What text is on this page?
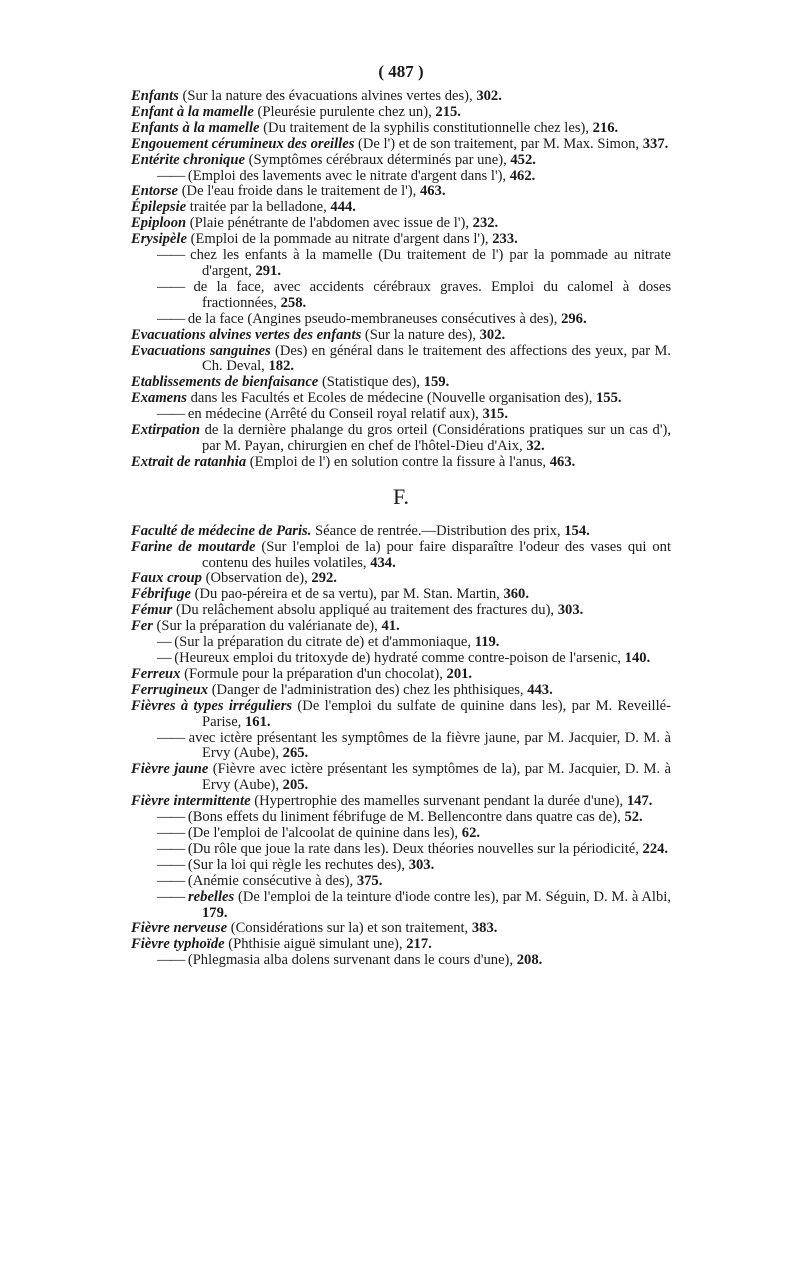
( 487 )

Enfants (Sur la nature des évacuations alvines vertes des), 302.

Enfant à la mamelle (Pleurésie purulente chez un), 215.

Enfants à la mamelle (Du traitement de la syphilis constitutionnelle chez les), 216.

Engouement cérumineux des oreilles (De l') et de son traitement, par M. Max. Simon, 337.

Entérite chronique (Symptômes cérébraux déterminés par une), 452.

—— (Emploi des lavements avec le nitrate d'argent dans l'), 462.

Entorse (De l'eau froide dans le traitement de l'), 463.

Épilepsie traitée par la belladone, 444.

Epiploon (Plaie pénétrante de l'abdomen avec issue de l'), 232.

Erysipèle (Emploi de la pommade au nitrate d'argent dans l'), 233.

—— chez les enfants à la mamelle (Du traitement de l') par la pommade au nitrate d'argent, 291.

—— de la face, avec accidents cérébraux graves. Emploi du calomel à doses fractionnées, 258.

—— de la face (Angines pseudo-membraneuses consécutives à des), 296.

Evacuations alvines vertes des enfants (Sur la nature des), 302.

Evacuations sanguines (Des) en général dans le traitement des affections des yeux, par M. Ch. Deval, 182.

Etablissements de bienfaisance (Statistique des), 159.

Examens dans les Facultés et Ecoles de médecine (Nouvelle organisation des), 155.

—— en médecine (Arrêté du Conseil royal relatif aux), 315.

Extirpation de la dernière phalange du gros orteil (Considérations pratiques sur un cas d'), par M. Payan, chirurgien en chef de l'hôtel-Dieu d'Aix, 32.

Extrait de ratanhia (Emploi de l') en solution contre la fissure à l'anus, 463.

F.

Faculté de médecine de Paris. Séance de rentrée.—Distribution des prix, 154.

Farine de moutarde (Sur l'emploi de la) pour faire disparaître l'odeur des vases qui ont contenu des huiles volatiles, 434.

Faux croup (Observation de), 292.

Fébrifuge (Du pao-péreira et de sa vertu), par M. Stan. Martin, 360.

Fémur (Du relâchement absolu appliqué au traitement des fractures du), 303.

Fer (Sur la préparation du valérianate de), 41.

— (Sur la préparation du citrate de) et d'ammoniaque, 119.

— (Heureux emploi du tritoxyde de) hydraté comme contre-poison de l'arsenic, 140.

Ferreux (Formule pour la préparation d'un chocolat), 201.

Ferrugineux (Danger de l'administration des) chez les phthisiques, 443.

Fièvres à types irréguliers (De l'emploi du sulfate de quinine dans les), par M. Reveillé-Parise, 161.

—— avec ictère présentant les symptômes de la fièvre jaune, par M. Jacquier, D. M. à Ervy (Aube), 265.

Fièvre jaune (Fièvre avec ictère présentant les symptômes de la), par M. Jacquier, D. M. à Ervy (Aube), 205.

Fièvre intermittente (Hypertrophie des mamelles survenant pendant la durée d'une), 147.

—— (Bons effets du liniment fébrifuge de M. Bellencontre dans quatre cas de), 52.

—— (De l'emploi de l'alcoolat de quinine dans les), 62.

—— (Du rôle que joue la rate dans les). Deux théories nouvelles sur la périodicité, 224.

—— (Sur la loi qui règle les rechutes des), 303.

—— (Anémie consécutive à des), 375.

—— rebelles (De l'emploi de la teinture d'iode contre les), par M. Séguin, D. M. à Albi, 179.

Fièvre nerveuse (Considérations sur la) et son traitement, 383.

Fièvre typhoïde (Phthisie aiguë simulant une), 217.

—— (Phlegmasia alba dolens survenant dans le cours d'une), 208.
